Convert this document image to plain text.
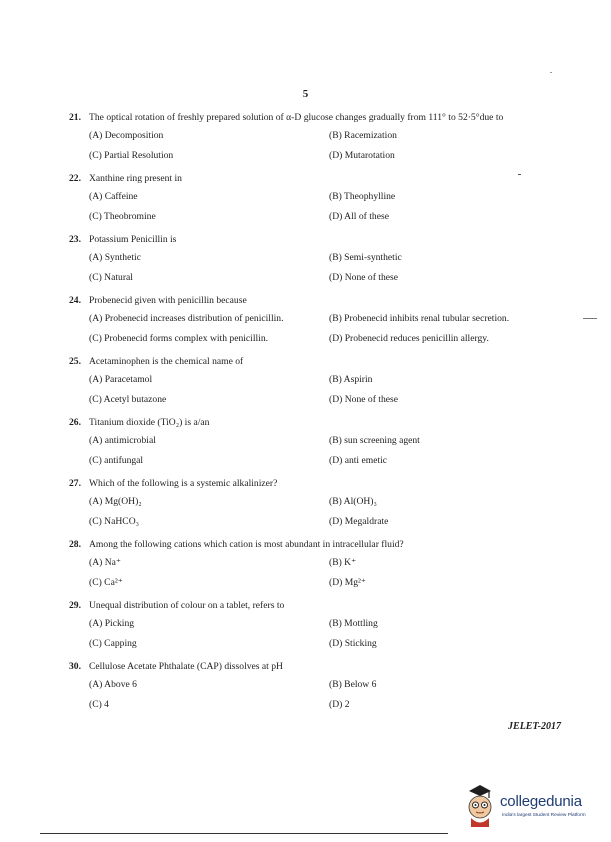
5
21. The optical rotation of freshly prepared solution of α-D glucose changes gradually from 111° to 52·5°due to
(A) Decomposition	(B) Racemization
(C) Partial Resolution	(D) Mutarotation
22. Xanthine ring present in
(A) Caffeine	(B) Theophylline
(C) Theobromine	(D) All of these
23. Potassium Penicillin is
(A) Synthetic	(B) Semi-synthetic
(C) Natural	(D) None of these
24. Probenecid given with penicillin because
(A) Probenecid increases distribution of penicillin.	(B) Probenecid inhibits renal tubular secretion.
(C) Probenecid forms complex with penicillin.	(D) Probenecid reduces penicillin allergy.
25. Acetaminophen is the chemical name of
(A) Paracetamol	(B) Aspirin
(C) Acetyl butazone	(D) None of these
26. Titanium dioxide (TiO₂) is a/an
(A) antimicrobial	(B) sun screening agent
(C) antifungal	(D) anti emetic
27. Which of the following is a systemic alkalinizer?
(A) Mg(OH)₂	(B) Al(OH)₃
(C) NaHCO₃	(D) Megaldrate
28. Among the following cations which cation is most abundant in intracellular fluid?
(A) Na⁺	(B) K⁺
(C) Ca²⁺	(D) Mg²⁺
29. Unequal distribution of colour on a tablet, refers to
(A) Picking	(B) Mottling
(C) Capping	(D) Sticking
30. Cellulose Acetate Phthalate (CAP) dissolves at pH
(A) Above 6	(B) Below 6
(C) 4	(D) 2
JELET-2017
collegedunia
India's largest Student Review Platform
